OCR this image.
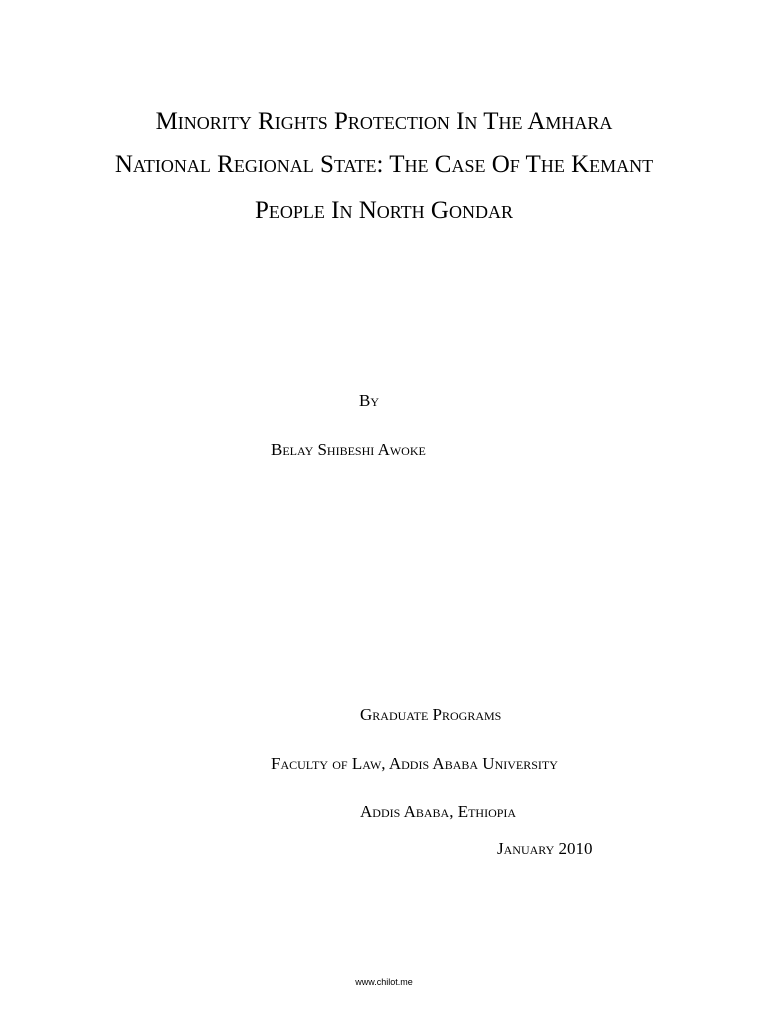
Minority Rights Protection In The Amhara
National Regional State: The Case Of The Kemant
People In North Gondar
By
Belay Shibeshi Awoke
Graduate Programs
Faculty of Law, Addis Ababa University
Addis Ababa, Ethiopia
January 2010
www.chilot.me
